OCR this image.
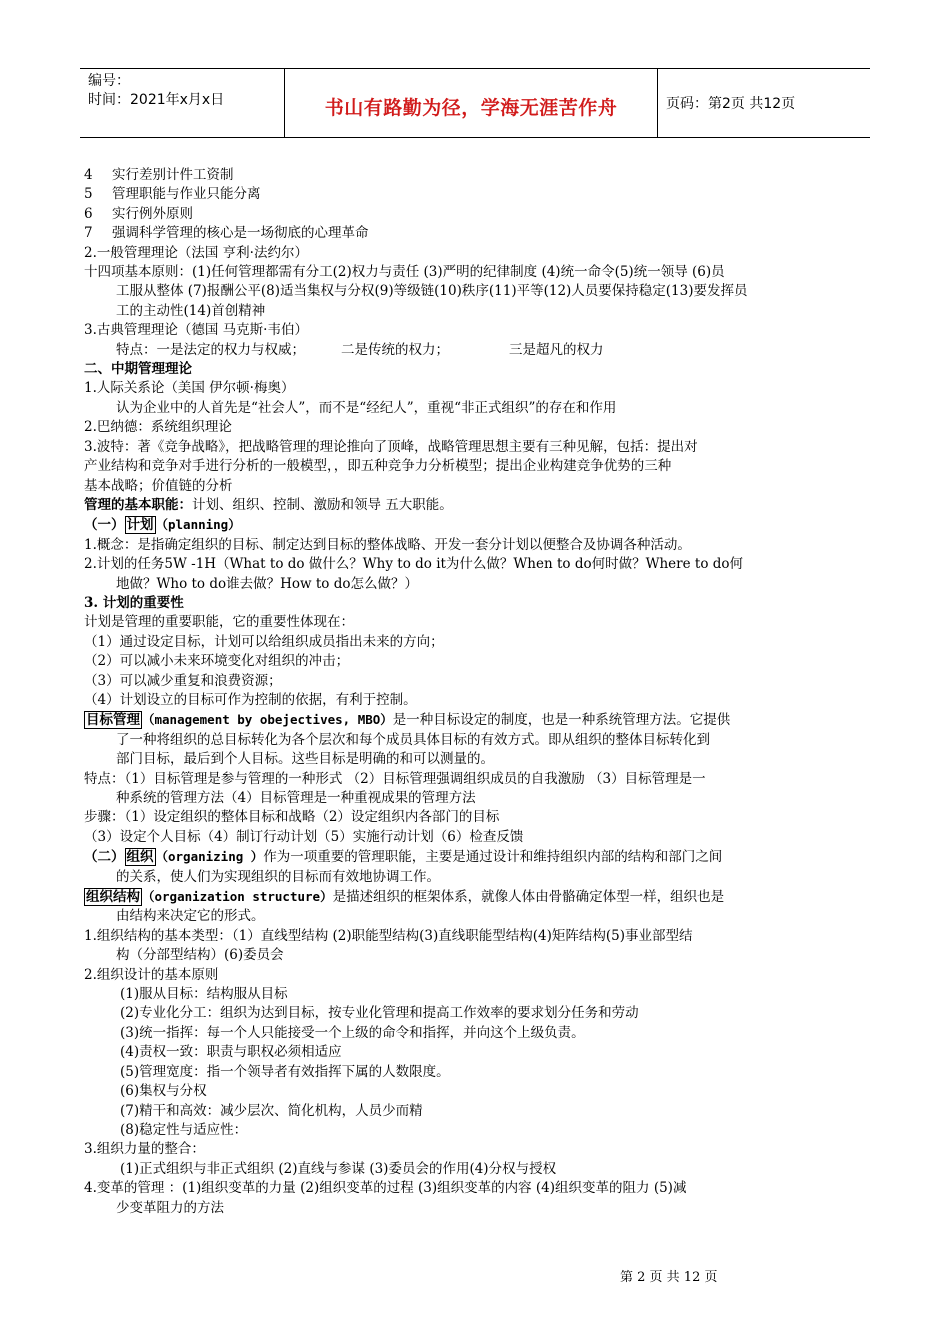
编号：
时间：2021年x月x日	书山有路勤为径，学海无涯苦作舟	页码：第2页 共12页
4 实行差别计件工资制
5 管理职能与作业只能分离
6 实行例外原则
7 强调科学管理的核心是一场彻底的心理革命
2.一般管理理论（法国 亨利·法约尔）
十四项基本原则：(1)任何管理都需有分工(2)权力与责任 (3)严明的纪律制度 (4)统一命令(5)统一领导 (6)员
工服从整体 (7)报酬公平(8)适当集权与分权(9)等级链(10)秩序(11)平等(12)人员要保持稳定(13)要发挥员
工的主动性(14)首创精神
3.古典管理理论（德国 马克斯·韦伯）
特点：一是法定的权力与权威；	二是传统的权力；	三是超凡的权力
二、中期管理理论
1.人际关系论（美国 伊尔顿·梅奥）
认为企业中的人首先是“社会人”，而不是“经纪人”，重视“非正式组织”的存在和作用
2.巴纳德：系统组织理论
3.波特：著《竞争战略》，把战略管理的理论推向了顶峰，战略管理思想主要有三种见解，包括：提出对
产业结构和竞争对手进行分析的一般模型，，即五种竞争力分析模型；提出企业构建竞争优势的三种
基本战略；价值链的分析
管理的基本职能：计划、组织、控制、激励和领导 五大职能。
（一） 计划 （planning）
1.概念：是指确定组织的目标、制定达到目标的整体战略、开发一套分计划以便整合及协调各种活动。
2.计划的任务5W -1H（What to do 做什么？Why to do it为什么做？When to do何时做？Where to do何
地做？Who to do谁去做？How to do怎么做？）
3. 计划的重要性
计划是管理的重要职能，它的重要性体现在：
（1）通过设定目标，计划可以给组织成员指出未来的方向；
（2）可以减小未来环境变化对组织的冲击；
（3）可以减少重复和浪费资源；
（4）计划设立的目标可作为控制的依据，有利于控制。
目标管理 （management by obejectives, MBO）是一种目标设定的制度，也是一种系统管理方法。它提供
了一种将组织的总目标转化为各个层次和每个成员具体目标的有效方式。即从组织的整体目标转化到
部门目标，最后到个人目标。这些目标是明确的和可以测量的。
特点：（1）目标管理是参与管理的一种形式 （2）目标管理强调组织成员的自我激励 （3）目标管理是一
种系统的管理方法（4）目标管理是一种重视成果的管理方法
步骤：（1）设定组织的整体目标和战略（2）设定组织内各部门的目标
（3）设定个人目标（4）制订行动计划（5）实施行动计划（6）检查反馈
（二） 组织 （organizing ）作为一项重要的管理职能，主要是通过设计和维持组织内部的结构和部门之间
的关系，使人们为实现组织的目标而有效地协调工作。
组织结构 （organization structure）是描述组织的框架体系，就像人体由骨骼确定体型一样，组织也是
由结构来决定它的形式。
1.组织结构的基本类型：（1）直线型结构 (2)职能型结构(3)直线职能型结构(4)矩阵结构(5)事业部型结
构（分部型结构）(6)委员会
2.组织设计的基本原则
(1)服从目标：结构服从目标
(2)专业化分工：组织为达到目标，按专业化管理和提高工作效率的要求划分任务和劳动
(3)统一指挥：每一个人只能接受一个上级的命令和指挥，并向这个上级负责。
(4)责权一致：职责与职权必须相适应
(5)管理宽度：指一个领导者有效指挥下属的人数限度。
(6)集权与分权
(7)精干和高效：减少层次、简化机构，人员少而精
(8)稳定性与适应性：
3.组织力量的整合：
(1)正式组织与非正式组织 (2)直线与参谋 (3)委员会的作用(4)分权与授权
4.变革的管理 ：(1)组织变革的力量 (2)组织变革的过程 (3)组织变革的内容 (4)组织变革的阻力 (5)减
少变革阻力的方法
第 2 页 共 12 页
